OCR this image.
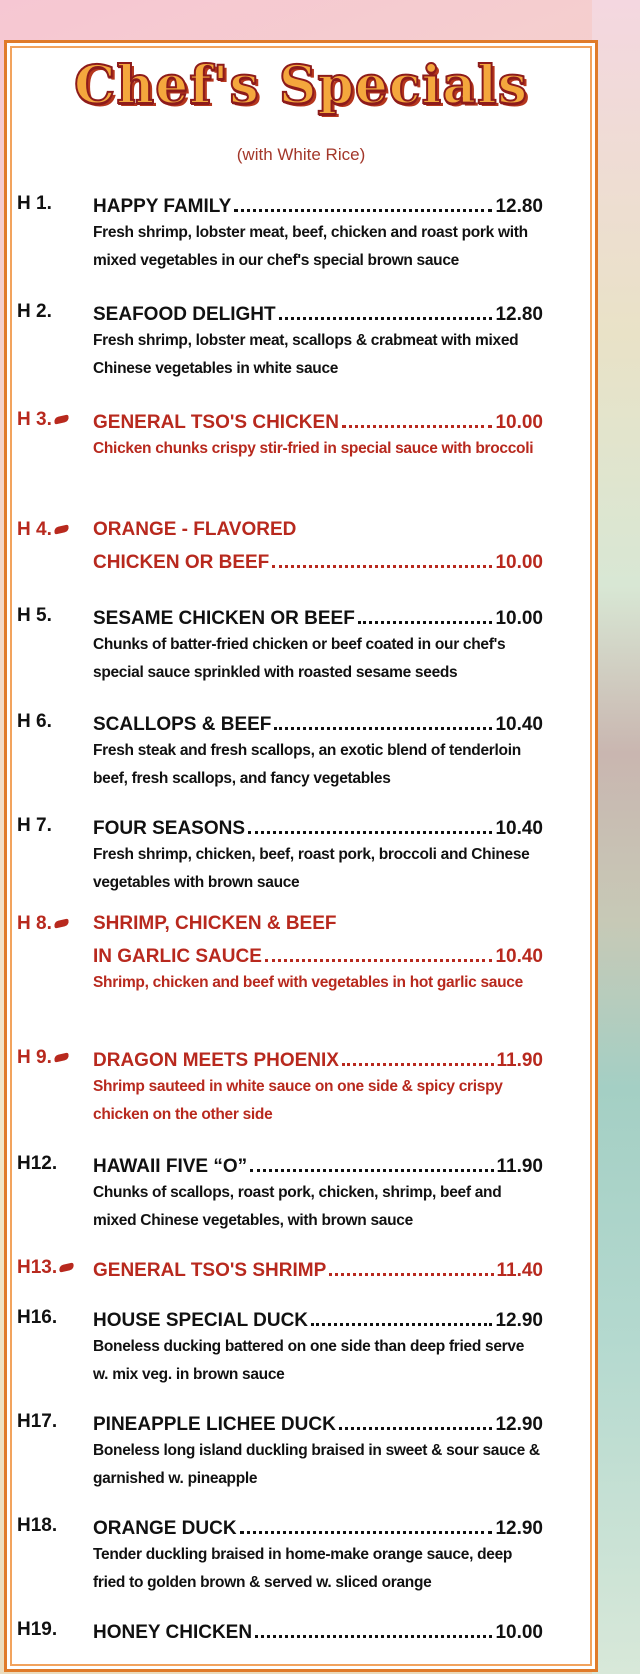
Chef's Specials
(with White Rice)
H 1. HAPPY FAMILY	12.80
Fresh shrimp, lobster meat, beef, chicken and roast pork with mixed vegetables in our chef's special brown sauce
H 2. SEAFOOD DELIGHT	12.80
Fresh shrimp, lobster meat, scallops & crabmeat with mixed Chinese vegetables in white sauce
H 3.	GENERAL TSO'S CHICKEN	10.00
Chicken chunks crispy stir-fried in special sauce with broccoli
H 4.	ORANGE - FLAVORED
CHICKEN OR BEEF	10.00
H 5. SESAME CHICKEN OR BEEF	10.00
Chunks of batter-fried chicken or beef coated in our chef's special sauce sprinkled with roasted sesame seeds
H 6. SCALLOPS & BEEF	10.40
Fresh steak and fresh scallops, an exotic blend of tenderloin beef, fresh scallops, and fancy vegetables
H 7. FOUR SEASONS	10.40
Fresh shrimp, chicken, beef, roast pork, broccoli and Chinese vegetables with brown sauce
H 8.	SHRIMP, CHICKEN & BEEF
IN GARLIC SAUCE	10.40
Shrimp, chicken and beef with vegetables in hot garlic sauce
H 9.	DRAGON MEETS PHOENIX	11.90
Shrimp sauteed in white sauce on one side & spicy crispy chicken on the other side
H12. HAWAII FIVE “O”	11.90
Chunks of scallops, roast pork, chicken, shrimp, beef and mixed Chinese vegetables, with brown sauce
H13.	GENERAL TSO'S SHRIMP	11.40
H16. HOUSE SPECIAL DUCK	12.90
Boneless ducking battered on one side than deep fried serve w. mix veg. in brown sauce
H17. PINEAPPLE LICHEE DUCK	12.90
Boneless long island duckling braised in sweet & sour sauce & garnished w. pineapple
H18. ORANGE DUCK	12.90
Tender duckling braised in home-make orange sauce, deep fried to golden brown & served w. sliced orange
H19. HONEY CHICKEN	10.00
